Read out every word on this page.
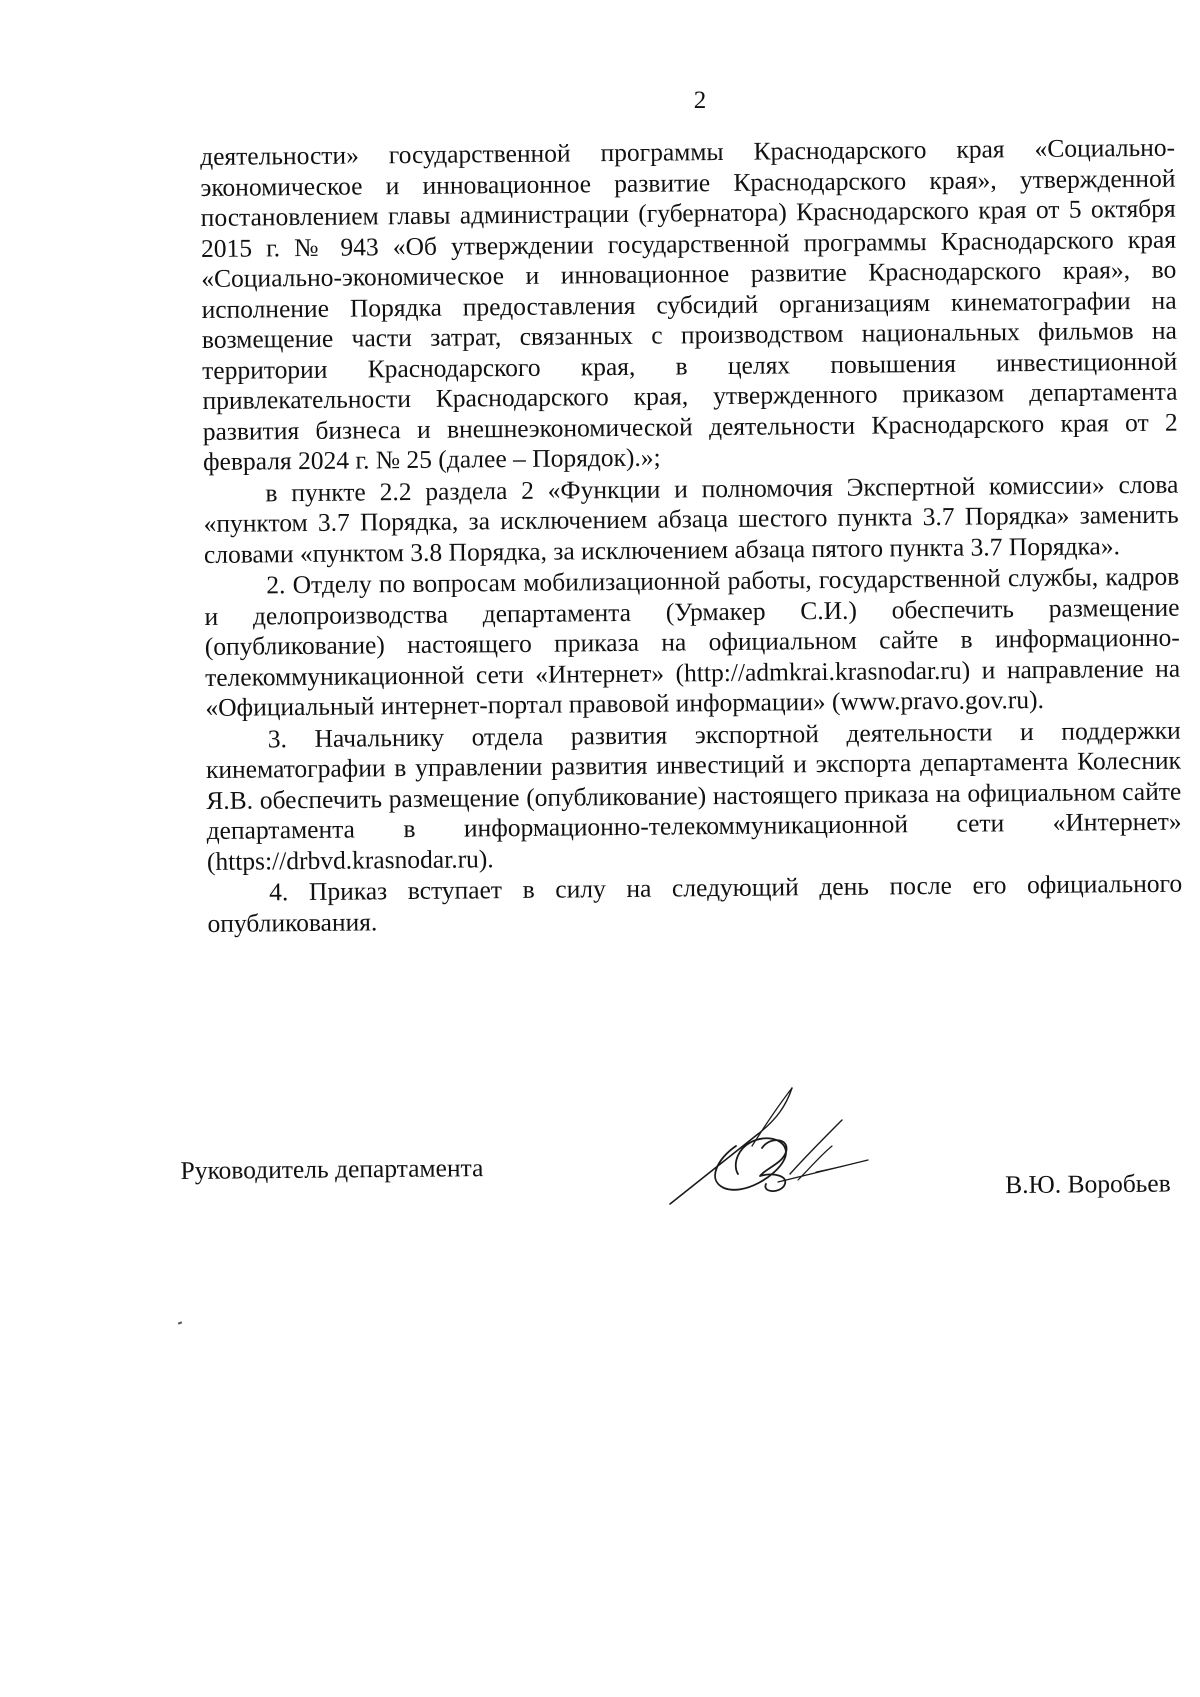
2

деятельности» государственной программы Краснодарского края «Социально-экономическое и инновационное развитие Краснодарского края», утвержденной постановлением главы администрации (губернатора) Краснодарского края от 5 октября 2015 г. № 943 «Об утверждении государственной программы Краснодарского края «Социально-экономическое и инновационное развитие Краснодарского края», во исполнение Порядка предоставления субсидий организациям кинематографии на возмещение части затрат, связанных с производством национальных фильмов на территории Краснодарского края, в целях повышения инвестиционной привлекательности Краснодарского края, утвержденного приказом департамента развития бизнеса и внешнеэкономической деятельности Краснодарского края от 2 февраля 2024 г. № 25 (далее – Порядок).»;

в пункте 2.2 раздела 2 «Функции и полномочия Экспертной комиссии» слова «пунктом 3.7 Порядка, за исключением абзаца шестого пункта 3.7 Порядка» заменить словами «пунктом 3.8 Порядка, за исключением абзаца пятого пункта 3.7 Порядка».

2. Отделу по вопросам мобилизационной работы, государственной службы, кадров и делопроизводства департамента (Урмакер С.И.) обеспечить размещение (опубликование) настоящего приказа на официальном сайте в информационно-телекоммуникационной сети «Интернет» (http://admkrai.krasnodar.ru) и направление на «Официальный интернет-портал правовой информации» (www.pravo.gov.ru).

3. Начальнику отдела развития экспортной деятельности и поддержки кинематографии в управлении развития инвестиций и экспорта департамента Колесник Я.В. обеспечить размещение (опубликование) настоящего приказа на официальном сайте департамента в информационно-телекоммуникационной сети «Интернет» (https://drbvd.krasnodar.ru).

4. Приказ вступает в силу на следующий день после его официального опубликования.

Руководитель департамента	В.Ю. Воробьев
